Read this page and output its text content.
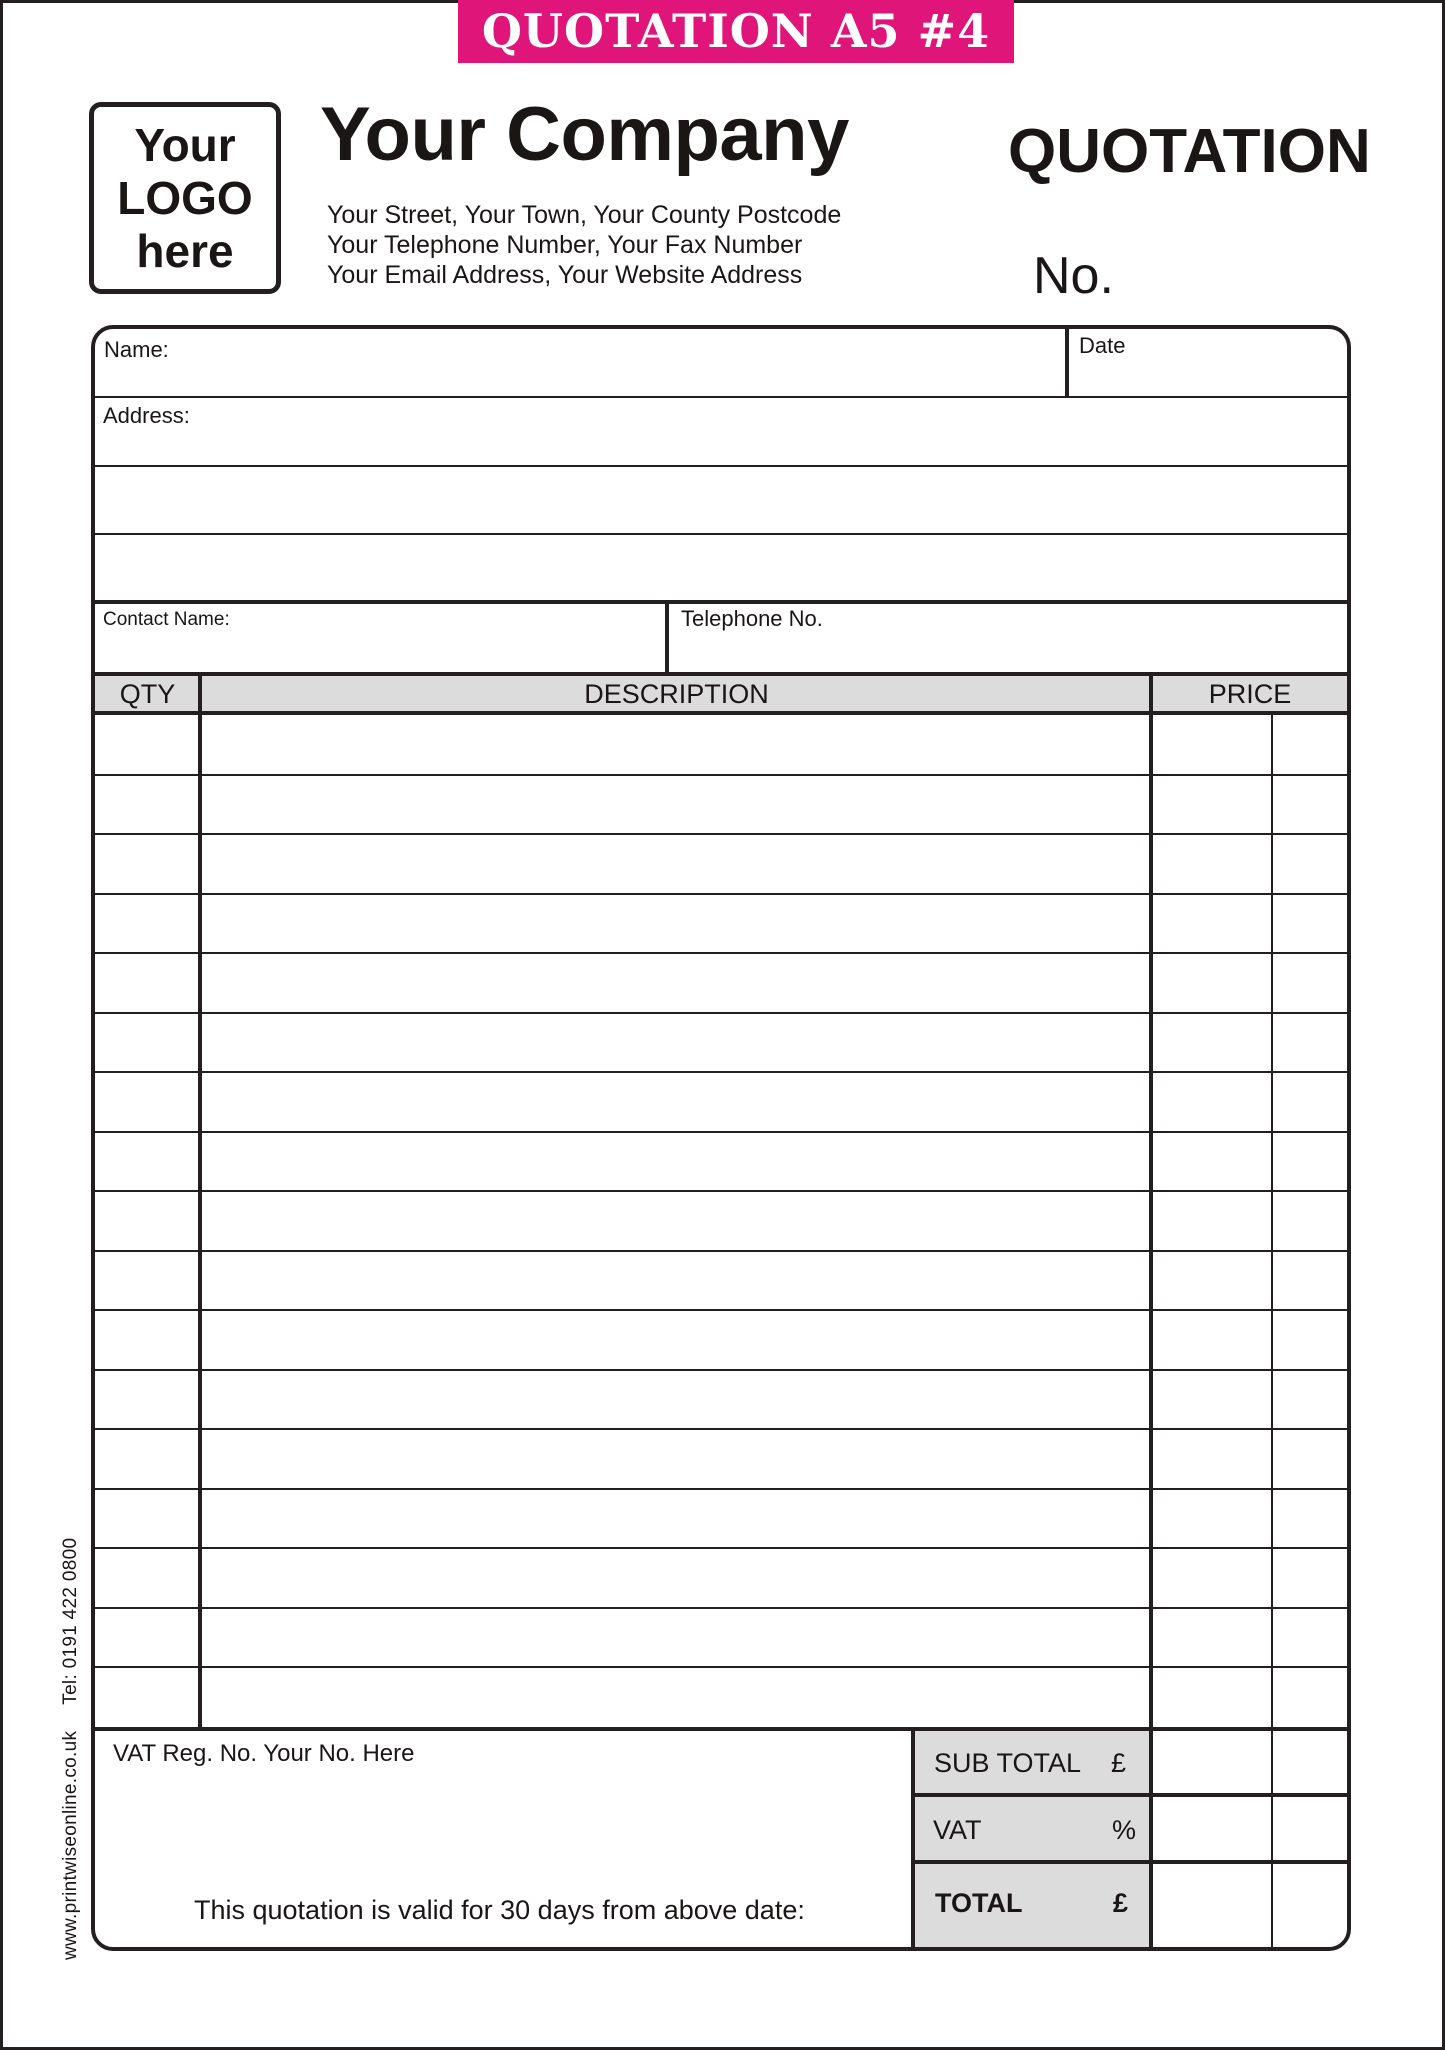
QUOTATION A5 #4
Your
LOGO
here
Your Company
Your Street, Your Town, Your County Postcode
Your Telephone Number, Your Fax Number
Your Email Address, Your Website Address
QUOTATION
No.
Name:	Date
Address:
Contact Name:	Telephone No.
QTY	DESCRIPTION	PRICE
VAT Reg. No. Your No. Here
This quotation is valid for 30 days from above date:
SUB TOTAL £
VAT	%
TOTAL	£
www.printwiseonline.co.ukTel: 0191 422 0800
